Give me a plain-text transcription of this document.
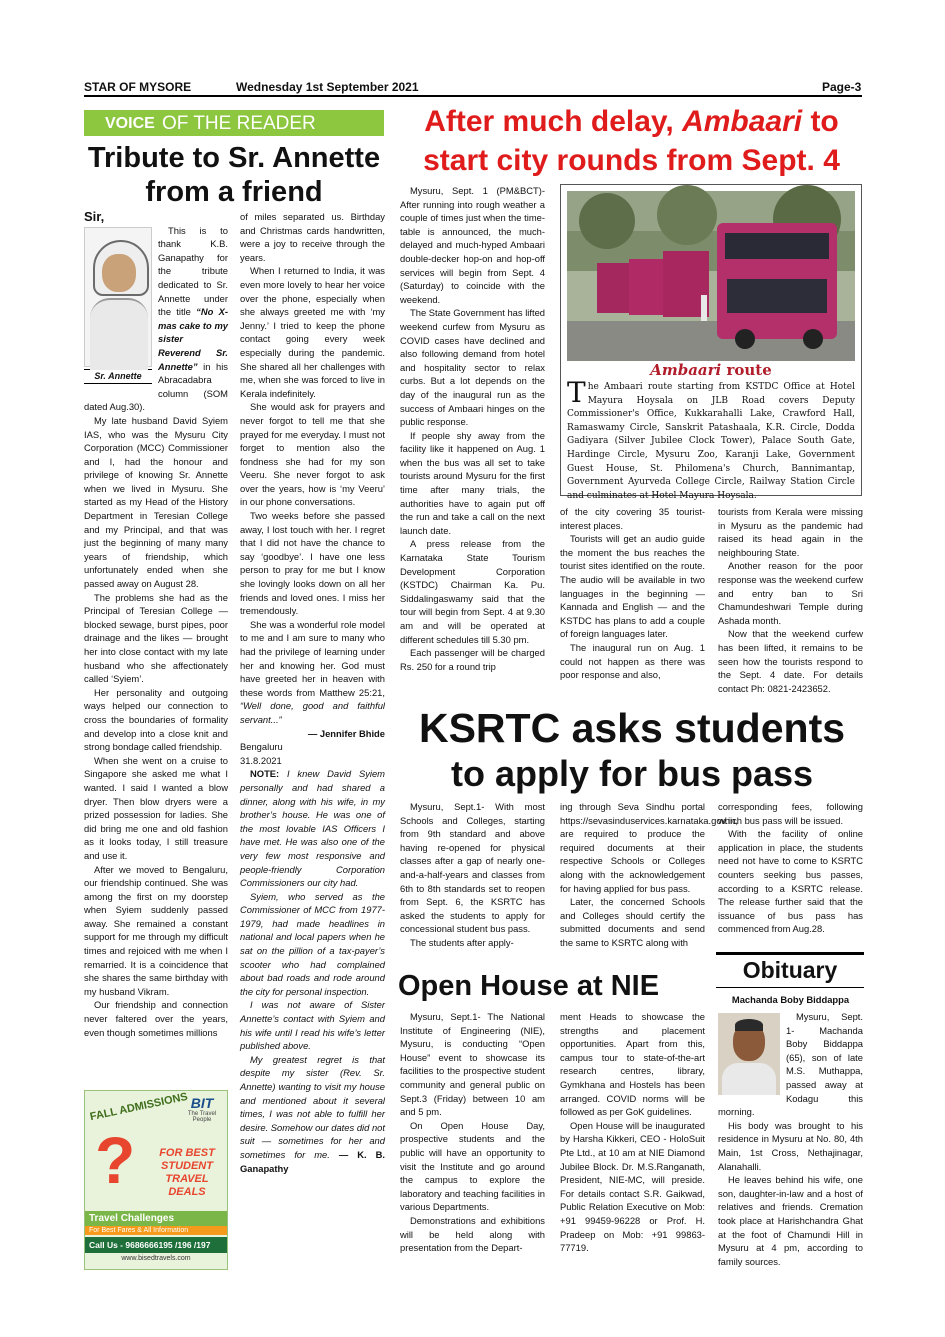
STAR OF MYSORE	Wednesday 1st September 2021	Page-3
VOICE OF THE READER
Tribute to Sr. Annette
from a friend

Sir,

Sr. Annette

This is to thank K.B. Ganapathy for the tribute dedicated to Sr. Annette under the title “No X-mas cake to my sister Reverend Sr. Annette” in his Abracadabra column (SOM dated Aug.30).

My late husband David Syiem IAS, who was the Mysuru City Corporation (MCC) Commissioner and I, had the honour and privilege of knowing Sr. Annette when we lived in Mysuru. She started as my Head of the History Department in Teresian College and my Principal, and that was just the beginning of many many years of friendship, which unfortunately ended when she passed away on August 28.

The problems she had as the Principal of Teresian College — blocked sewage, burst pipes, poor drainage and the likes — brought her into close contact with my late husband who she affectionately called ‘Syiem’.

Her personality and outgoing ways helped our connection to cross the boundaries of formality and develop into a close knit and strong bondage called friendship.

When she went on a cruise to Singapore she asked me what I wanted. I said I wanted a blow dryer. Then blow dryers were a prized possession for ladies. She did bring me one and old fashion as it looks today, I still treasure and use it.

After we moved to Bengaluru, our friendship continued. She was among the first on my doorstep when Syiem suddenly passed away. She remained a constant support for me through my difficult times and rejoiced with me when I remarried. It is a coincidence that she shares the same birthday with my husband Vikram.

Our friendship and connection never faltered over the years, even though sometimes millions

of miles separated us. Birthday and Christmas cards handwritten, were a joy to receive through the years.

When I returned to India, it was even more lovely to hear her voice over the phone, especially when she always greeted me with ‘my Jenny.’ I tried to keep the phone contact going every week especially during the pandemic. She shared all her challenges with me, when she was forced to live in Kerala indefinitely.

She would ask for prayers and never forgot to tell me that she prayed for me everyday. I must not forget to mention also the fondness she had for my son Veeru. She never forgot to ask over the years, how is ‘my Veeru’ in our phone conversations.

Two weeks before she passed away, I lost touch with her. I regret that I did not have the chance to say ‘goodbye’. I have one less person to pray for me but I know she lovingly looks down on all her friends and loved ones. I miss her tremendously.

She was a wonderful role model to me and I am sure to many who had the privilege of learning under her and knowing her. God must have greeted her in heaven with these words from Matthew 25:21, “Well done, good and faithful servant...”

— Jennifer Bhide

Bengaluru

31.8.2021

NOTE: I knew David Syiem personally and had shared a dinner, along with his wife, in my brother’s house. He was one of the most lovable IAS Officers I have met. He was also one of the very few most responsive and people-friendly Corporation Commissioners our city had.

Syiem, who served as the Commissioner of MCC from 1977-1979, had made headlines in national and local papers when he sat on the pillion of a tax-payer’s scooter who had complained about bad roads and rode around the city for personal inspection.

I was not aware of Sister Annette’s contact with Syiem and his wife until I read his wife’s letter published above.

My greatest regret is that despite my sister (Rev. Sr. Annette) wanting to visit my house and mentioned about it several times, I was not able to fulfill her desire. Somehow our dates did not suit — sometimes for her and sometimes for me. — K. B. Ganapathy

FALL ADMISSIONS BIT
The Travel People
?	FOR BEST
STUDENT
TRAVEL DEALS
Travel Challenges
For Best Fares & All Information
Call Us - 9686666195 /196 /197
www.bisedtravels.com
After much delay, Ambaari to
start city rounds from Sept. 4

Mysuru, Sept. 1 (PM&BCT)- After running into rough weather a couple of times just when the time-table is announced, the much- delayed and much-hyped Ambaari double-decker hop-on and hop-off services will begin from Sept. 4 (Saturday) to coincide with the weekend.

The State Government has lifted weekend curfew from Mysuru as COVID cases have declined and also following demand from hotel and hospitality sector to relax curbs. But a lot depends on the day of the inaugural run as the success of Ambaari hinges on the public response.

If people shy away from the facility like it happened on Aug. 1 when the bus was all set to take tourists around Mysuru for the first time after many trials, the authorities have to again put off the run and take a call on the next launch date.

A press release from the Karnataka State Tourism Development Corporation (KSTDC) Chairman Ka. Pu. Siddalingaswamy said that the tour will begin from Sept. 4 at 9.30 am and will be operated at different schedules till 5.30 pm.

Each passenger will be charged Rs. 250 for a round trip

Ambaari route
The Ambaari route starting from KSTDC Office at Hotel Mayura Hoysala on JLB Road covers Deputy Commissioner's Office, Kukkarahalli Lake, Crawford Hall, Ramaswamy Circle, Sanskrit Patashaala, K.R. Circle, Dodda Gadiyara (Silver Jubilee Clock Tower), Palace South Gate, Hardinge Circle, Mysuru Zoo, Karanji Lake, Government Guest House, St. Philomena's Church, Bannimantap, Government Ayurveda College Circle, Railway Station Circle and culminates at Hotel Mayura Hoysala.

of the city covering 35 tourist-interest places.

Tourists will get an audio guide the moment the bus reaches the tourist sites identified on the route. The audio will be available in two languages in the beginning — Kannada and English — and the KSTDC has plans to add a couple of foreign languages later.

The inaugural run on Aug. 1 could not happen as there was poor response and also,

tourists from Kerala were missing in Mysuru as the pandemic had raised its head again in the neighbouring State.

Another reason for the poor response was the weekend curfew and entry ban to Sri Chamundeshwari Temple during Ashada month.

Now that the weekend curfew has been lifted, it remains to be seen how the tourists respond to the Sept. 4 date. For details contact Ph: 0821-2423652.

KSRTC asks students
to apply for bus pass

Mysuru, Sept.1- With most Schools and Colleges, starting from 9th standard and above having re-opened for physical classes after a gap of nearly one-and-a-half-years and classes from 6th to 8th standards set to reopen from Sept. 6, the KSRTC has asked the students to apply for concessional student bus pass.

The students after apply-

ing through Seva Sindhu portal https://sevasinduservices.karnataka.gov.in, are required to produce the required documents at their respective Schools or Colleges along with the acknowledgement for having applied for bus pass.

Later, the concerned Schools and Colleges should certify the submitted documents and send the same to KSRTC along with

corresponding fees, following which bus pass will be issued.

With the facility of online application in place, the students need not have to come to KSRTC counters seeking bus passes, according to a KSRTC release. The release further said that the issuance of bus pass has commenced from Aug.28.

Open House at NIE

Mysuru, Sept.1- The National Institute of Engineering (NIE), Mysuru, is conducting “Open House” event to showcase its facilities to the prospective student community and general public on Sept.3 (Friday) between 10 am and 5 pm.

On Open House Day, prospective students and the public will have an opportunity to visit the Institute and go around the campus to explore the laboratory and teaching facilities in various Departments.

Demonstrations and exhibitions will be held along with presentation from the Depart-

ment Heads to showcase the strengths and placement opportunities. Apart from this, campus tour to state-of-the-art research centres, library, Gymkhana and Hostels has been arranged. COVID norms will be followed as per GoK guidelines.

Open House will be inaugurated by Harsha Kikkeri, CEO - HoloSuit Pte Ltd., at 10 am at NIE Diamond Jubilee Block. Dr. M.S.Ranganath, President, NIE-MC, will preside. For details contact S.R. Gaikwad, Public Relation Executive on Mob: +91 99459-96228 or Prof. H. Pradeep on Mob: +91 99863-77719.

Obituary
Machanda Boby Biddappa

Mysuru, Sept. 1- Machanda Boby Biddappa (65), son of late M.S. Muthappa, passed away at Kodagu this morning.

His body was brought to his residence in Mysuru at No. 80, 4th Main, 1st Cross, Nethajinagar, Alanahalli.

He leaves behind his wife, one son, daughter-in-law and a host of relatives and friends. Cremation took place at Harishchandra Ghat at the foot of Chamundi Hill in Mysuru at 4 pm, according to family sources.
